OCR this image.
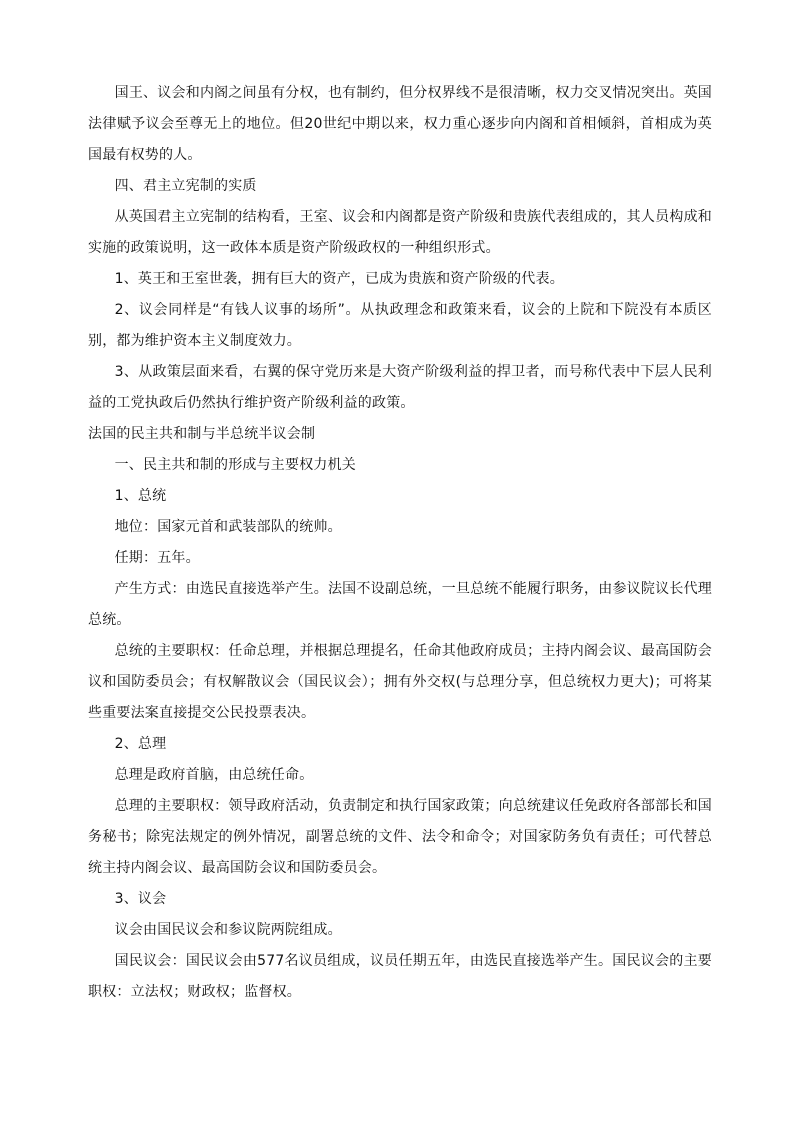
国王、议会和内阁之间虽有分权，也有制约，但分权界线不是很清晰，权力交叉情况突出。英国法律赋予议会至尊无上的地位。但20世纪中期以来，权力重心逐步向内阁和首相倾斜，首相成为英国最有权势的人。

四、君主立宪制的实质

从英国君主立宪制的结构看，王室、议会和内阁都是资产阶级和贵族代表组成的，其人员构成和实施的政策说明，这一政体本质是资产阶级政权的一种组织形式。

1、英王和王室世袭，拥有巨大的资产，已成为贵族和资产阶级的代表。

2、议会同样是“有钱人议事的场所”。从执政理念和政策来看，议会的上院和下院没有本质区别，都为维护资本主义制度效力。

3、从政策层面来看，右翼的保守党历来是大资产阶级利益的捍卫者，而号称代表中下层人民利益的工党执政后仍然执行维护资产阶级利益的政策。

法国的民主共和制与半总统半议会制

一、民主共和制的形成与主要权力机关

1、总统

地位：国家元首和武装部队的统帅。

任期：五年。

产生方式：由选民直接选举产生。法国不设副总统，一旦总统不能履行职务，由参议院议长代理总统。

总统的主要职权：任命总理，并根据总理提名，任命其他政府成员；主持内阁会议、最高国防会议和国防委员会；有权解散议会（国民议会）；拥有外交权(与总理分享，但总统权力更大)；可将某些重要法案直接提交公民投票表决。

2、总理

总理是政府首脑，由总统任命。

总理的主要职权：领导政府活动，负责制定和执行国家政策；向总统建议任免政府各部部长和国务秘书；除宪法规定的例外情况，副署总统的文件、法令和命令；对国家防务负有责任；可代替总统主持内阁会议、最高国防会议和国防委员会。

3、议会

议会由国民议会和参议院两院组成。

国民议会：国民议会由577名议员组成，议员任期五年，由选民直接选举产生。国民议会的主要职权：立法权；财政权；监督权。
